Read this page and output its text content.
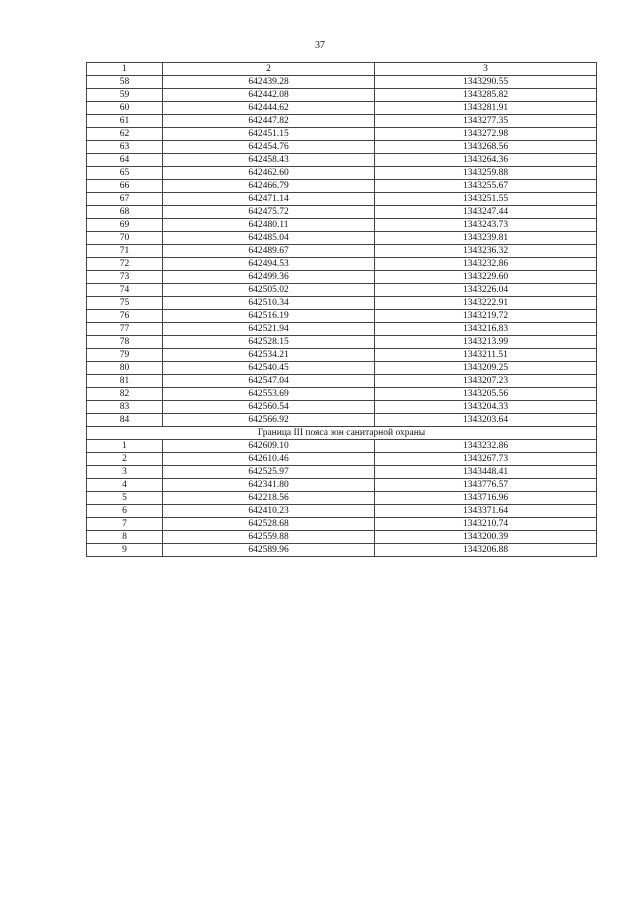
37
1	2	3
58	642439.28	1343290.55
59	642442.08	1343285.82
60	642444.62	1343281.91
61	642447.82	1343277.35
62	642451.15	1343272.98
63	642454.76	1343268.56
64	642458.43	1343264.36
65	642462.60	1343259.88
66	642466.79	1343255.67
67	642471.14	1343251.55
68	642475.72	1343247.44
69	642480.11	1343243.73
70	642485.04	1343239.81
71	642489.67	1343236.32
72	642494.53	1343232.86
73	642499.36	1343229.60
74	642505.02	1343226.04
75	642510.34	1343222.91
76	642516.19	1343219.72
77	642521.94	1343216.83
78	642528.15	1343213.99
79	642534.21	1343211.51
80	642540.45	1343209.25
81	642547.04	1343207.23
82	642553.69	1343205.56
83	642560.54	1343204.33
84	642566.92	1343203.64
Граница III пояса зон санитарной охраны		
1	642609.10	1343232.86
2	642610.46	1343267.73
3	642525.97	1343448.41
4	642341.80	1343776.57
5	642218.56	1343716.96
6	642410.23	1343371.64
7	642528.68	1343210.74
8	642559.88	1343200.39
9	642589.96	1343206.88
